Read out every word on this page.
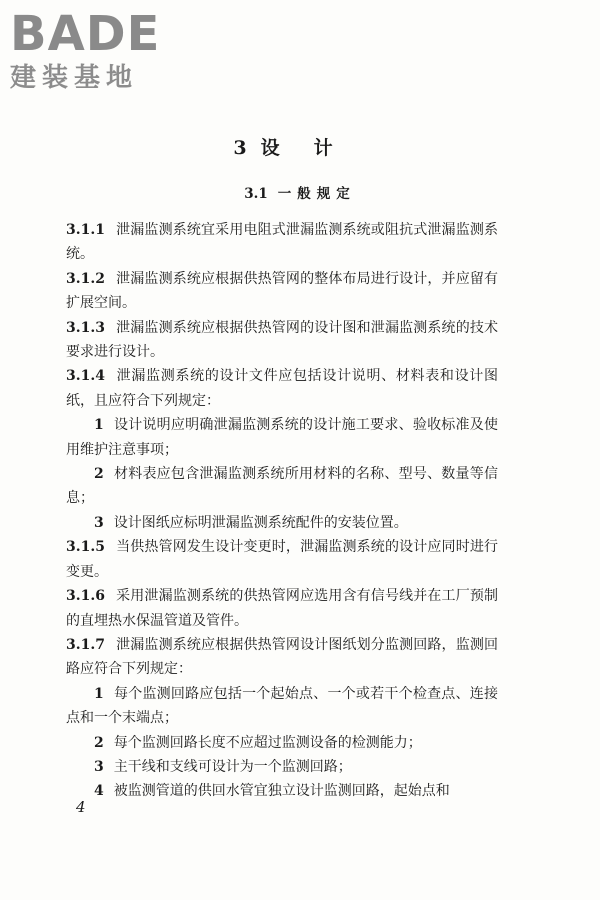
BADE
建装基地
3 设计
3.1 一般规定

3.1.1 泄漏监测系统宜采用电阻式泄漏监测系统或阻抗式泄漏监测系统。

3.1.2 泄漏监测系统应根据供热管网的整体布局进行设计，并应留有扩展空间。

3.1.3 泄漏监测系统应根据供热管网的设计图和泄漏监测系统的技术要求进行设计。

3.1.4 泄漏监测系统的设计文件应包括设计说明、材料表和设计图纸，且应符合下列规定：

1 设计说明应明确泄漏监测系统的设计施工要求、验收标准及使用维护注意事项；

2 材料表应包含泄漏监测系统所用材料的名称、型号、数量等信息；

3 设计图纸应标明泄漏监测系统配件的安装位置。

3.1.5 当供热管网发生设计变更时，泄漏监测系统的设计应同时进行变更。

3.1.6 采用泄漏监测系统的供热管网应选用含有信号线并在工厂预制的直埋热水保温管道及管件。

3.1.7 泄漏监测系统应根据供热管网设计图纸划分监测回路，监测回路应符合下列规定：

1 每个监测回路应包括一个起始点、一个或若干个检查点、连接点和一个末端点；

2 每个监测回路长度不应超过监测设备的检测能力；

3 主干线和支线可设计为一个监测回路；

4 被监测管道的供回水管宜独立设计监测回路，起始点和

4
